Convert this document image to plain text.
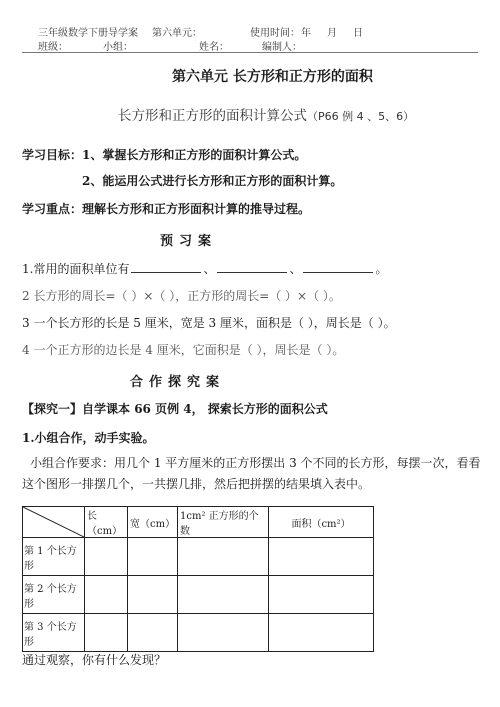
三年级数学下册导学案 第六单元：	使用时间： 年 月 日
班级：	小组：	姓名：	编制人：
第六单元 长方形和正方形的面积
长方形和正方形的面积计算公式（P66 例 4 、5、6）
学习目标：1、掌握长方形和正方形的面积计算公式。
2、能运用公式进行长方形和正方形的面积计算。
学习重点：理解长方形和正方形面积计算的推导过程。
预习案
1.常用的面积单位有	、	、	。
2 长方形的周长=（ ）×（ ），正方形的周长=（ ）×（ ）。
3 一个长方形的长是 5 厘米，宽是 3 厘米，面积是（ ），周长是（ ）。
4 一个正方形的边长是 4 厘米，它面积是（ ），周长是（ ）。
合作探究案
【探究一】自学课本 66 页例 4， 探索长方形的面积公式
1.小组合作，动手实验。
小组合作要求：用几个 1 平方厘米的正方形摆出 3 个不同的长方形，每摆一次，看看这个图形一排摆几个，一共摆几排，然后把拼摆的结果填入表中。
	长（cm）	宽（cm）	1cm² 正方形的个数	面积（cm²）
第 1 个长方形				
第 2 个长方形				
第 3 个长方形				
通过观察，你有什么发现？
